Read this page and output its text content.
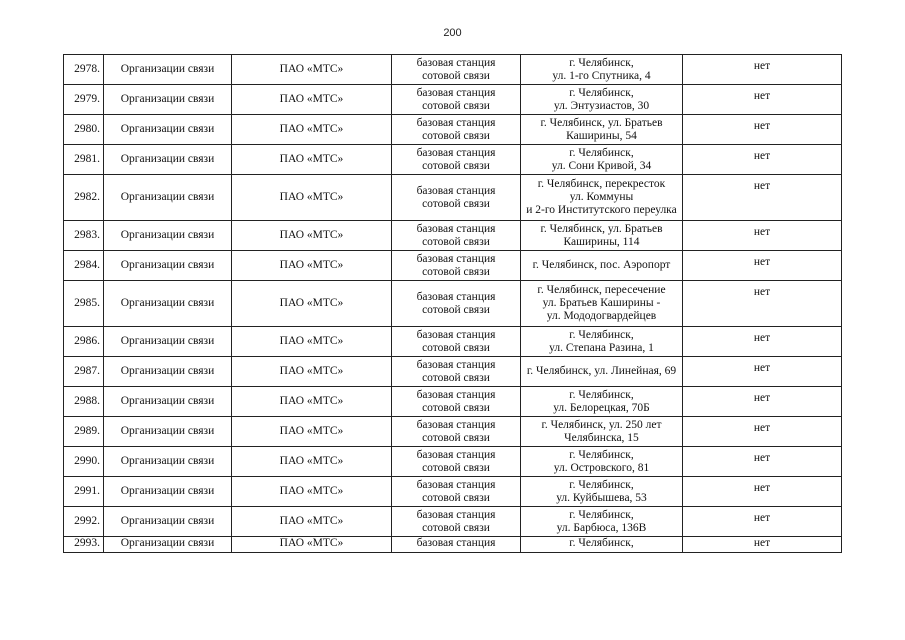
200
2978.	Организации связи	ПАО «МТС»	базовая станция
сотовой связи	г. Челябинск,
ул. 1-го Спутника, 4	нет
2979.	Организации связи	ПАО «МТС»	базовая станция
сотовой связи	г. Челябинск,
ул. Энтузиастов, 30	нет
2980.	Организации связи	ПАО «МТС»	базовая станция
сотовой связи	г. Челябинск, ул. Братьев
Каширины, 54	нет
2981.	Организации связи	ПАО «МТС»	базовая станция
сотовой связи	г. Челябинск,
ул. Сони Кривой, 34	нет
2982.	Организации связи	ПАО «МТС»	базовая станция
сотовой связи	г. Челябинск, перекресток
ул. Коммуны
и 2-го Институтского переулка	нет
2983.	Организации связи	ПАО «МТС»	базовая станция
сотовой связи	г. Челябинск, ул. Братьев
Каширины, 114	нет
2984.	Организации связи	ПАО «МТС»	базовая станция
сотовой связи	г. Челябинск, пос. Аэропорт	нет
2985.	Организации связи	ПАО «МТС»	базовая станция
сотовой связи	г. Челябинск, пересечение
ул. Братьев Каширины -
ул. Мододогвардейцев	нет
2986.	Организации связи	ПАО «МТС»	базовая станция
сотовой связи	г. Челябинск,
ул. Степана Разина, 1	нет
2987.	Организации связи	ПАО «МТС»	базовая станция
сотовой связи	г. Челябинск, ул. Линейная, 69	нет
2988.	Организации связи	ПАО «МТС»	базовая станция
сотовой связи	г. Челябинск,
ул. Белорецкая, 70Б	нет
2989.	Организации связи	ПАО «МТС»	базовая станция
сотовой связи	г. Челябинск, ул. 250 лет
Челябинска, 15	нет
2990.	Организации связи	ПАО «МТС»	базовая станция
сотовой связи	г. Челябинск,
ул. Островского, 81	нет
2991.	Организации связи	ПАО «МТС»	базовая станция
сотовой связи	г. Челябинск,
ул. Куйбышева, 53	нет
2992.	Организации связи	ПАО «МТС»	базовая станция
сотовой связи	г. Челябинск,
ул. Барбюса, 136В	нет
2993.	Организации связи	ПАО «МТС»	базовая станция	г. Челябинск,	нет
